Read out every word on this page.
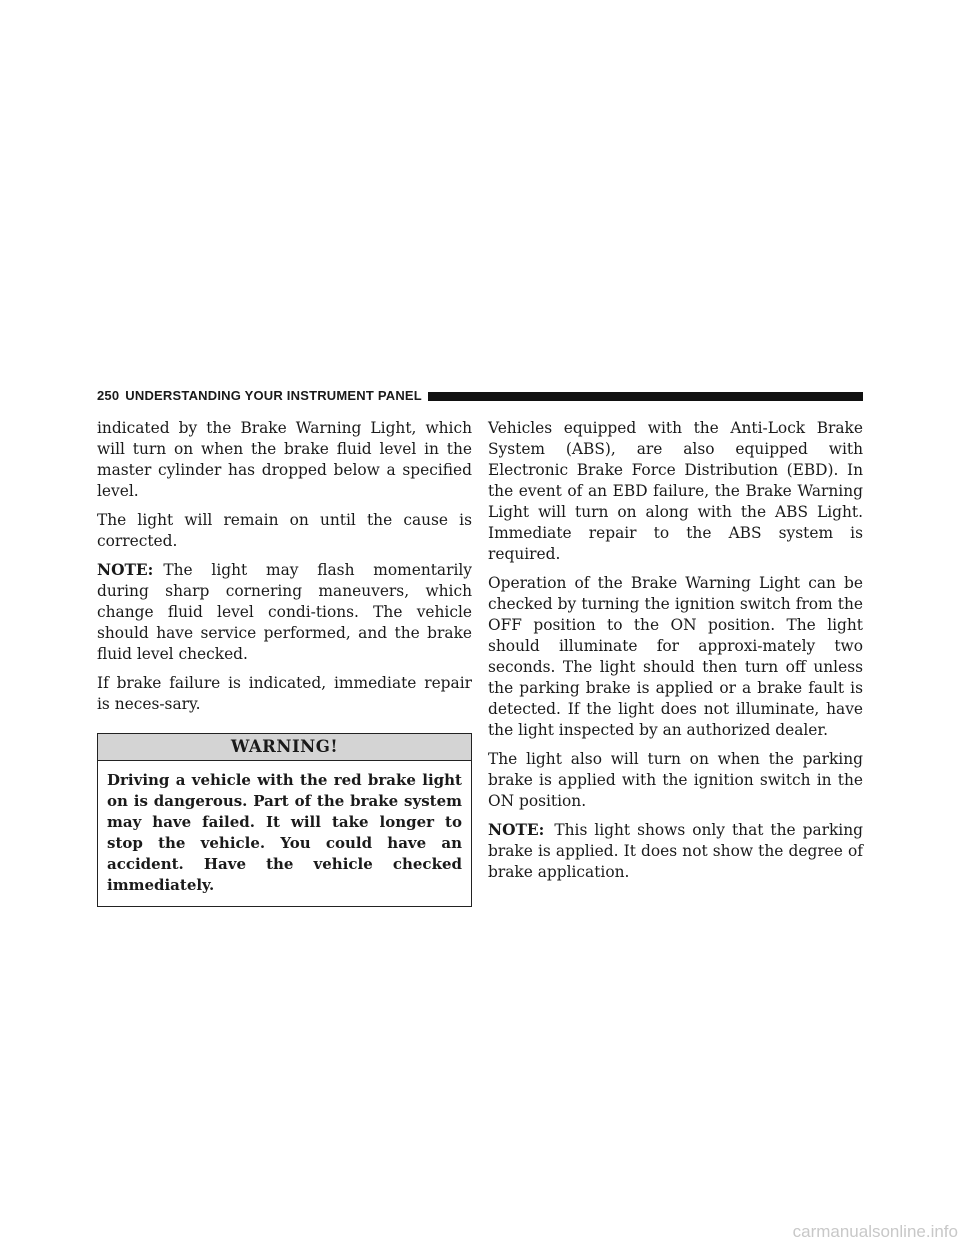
250 UNDERSTANDING YOUR INSTRUMENT PANEL

indicated by the Brake Warning Light, which will turn on when the brake fluid level in the master cylinder has dropped below a specified level.

The light will remain on until the cause is corrected.

NOTE: The light may flash momentarily during sharp cornering maneuvers, which change fluid level condi-tions. The vehicle should have service performed, and the brake fluid level checked.

If brake failure is indicated, immediate repair is neces-sary.

WARNING!
Driving a vehicle with the red brake light on is dangerous. Part of the brake system may have failed. It will take longer to stop the vehicle. You could have an accident. Have the vehicle checked immediately.

Vehicles equipped with the Anti-Lock Brake System (ABS), are also equipped with Electronic Brake Force Distribution (EBD). In the event of an EBD failure, the Brake Warning Light will turn on along with the ABS Light. Immediate repair to the ABS system is required.

Operation of the Brake Warning Light can be checked by turning the ignition switch from the OFF position to the ON position. The light should illuminate for approxi-mately two seconds. The light should then turn off unless the parking brake is applied or a brake fault is detected. If the light does not illuminate, have the light inspected by an authorized dealer.

The light also will turn on when the parking brake is applied with the ignition switch in the ON position.

NOTE: This light shows only that the parking brake is applied. It does not show the degree of brake application.

carmanualsonline.info
